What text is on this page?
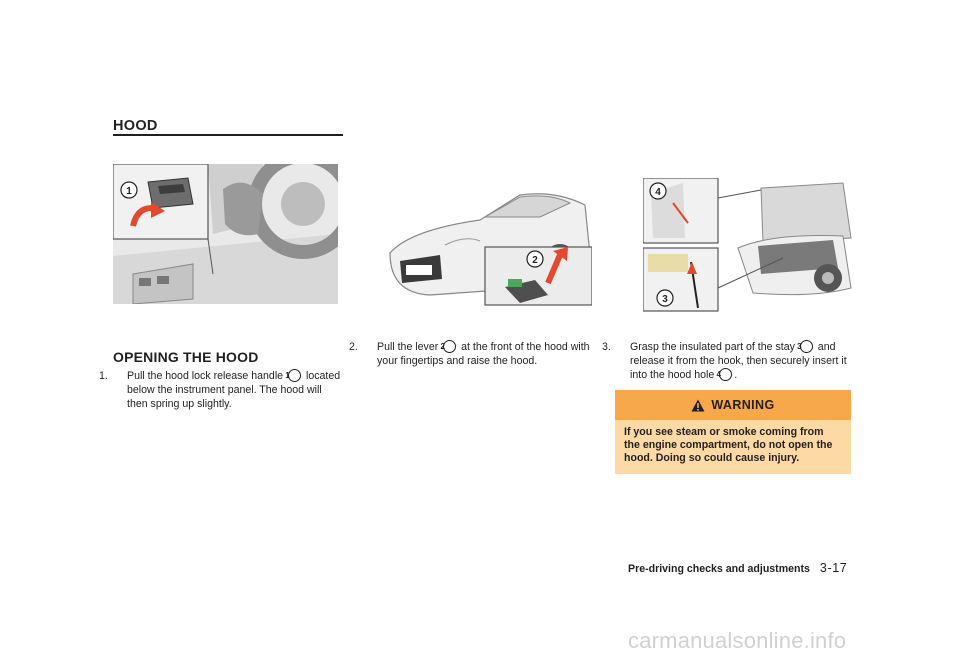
HOOD
1
2
4
3
OPENING THE HOOD
1. Pull the hood lock release handle 1 located below the instrument panel. The hood will then spring up slightly.
2. Pull the lever 2 at the front of the hood with your fingertips and raise the hood.
3. Grasp the insulated part of the stay 3 and release it from the hook, then securely insert it into the hood hole 4 .
WARNING
If you see steam or smoke coming from the engine compartment, do not open the hood. Doing so could cause injury.
Pre-driving checks and adjustments 3-17
carmanualsonline.info
